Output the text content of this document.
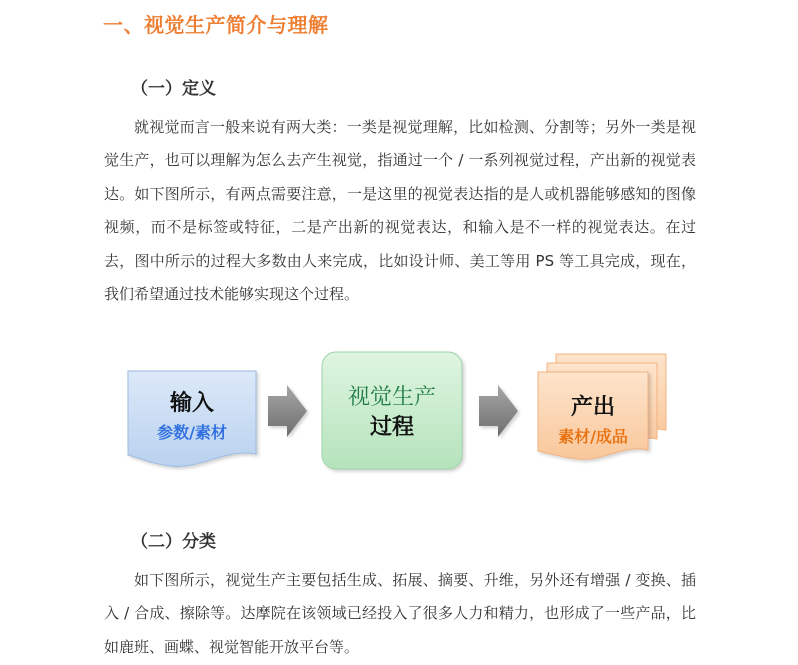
一、视觉生产简介与理解
（一）定义

就视觉而言一般来说有两大类：一类是视觉理解，比如检测、分割等；另外一类是视觉生产，也可以理解为怎么去产生视觉，指通过一个 / 一系列视觉过程，产出新的视觉表达。如下图所示，有两点需要注意，一是这里的视觉表达指的是人或机器能够感知的图像视频，而不是标签或特征，二是产出新的视觉表达，和输入是不一样的视觉表达。在过去，图中所示的过程大多数由人来完成，比如设计师、美工等用 PS 等工具完成，现在，我们希望通过技术能够实现这个过程。

输入
参数/素材
视觉生产
过程
产出
素材/成品
（二）分类

如下图所示，视觉生产主要包括生成、拓展、摘要、升维，另外还有增强 / 变换、插入 / 合成、擦除等。达摩院在该领域已经投入了很多人力和精力，也形成了一些产品，比如鹿班、画蝶、视觉智能开放平台等。
